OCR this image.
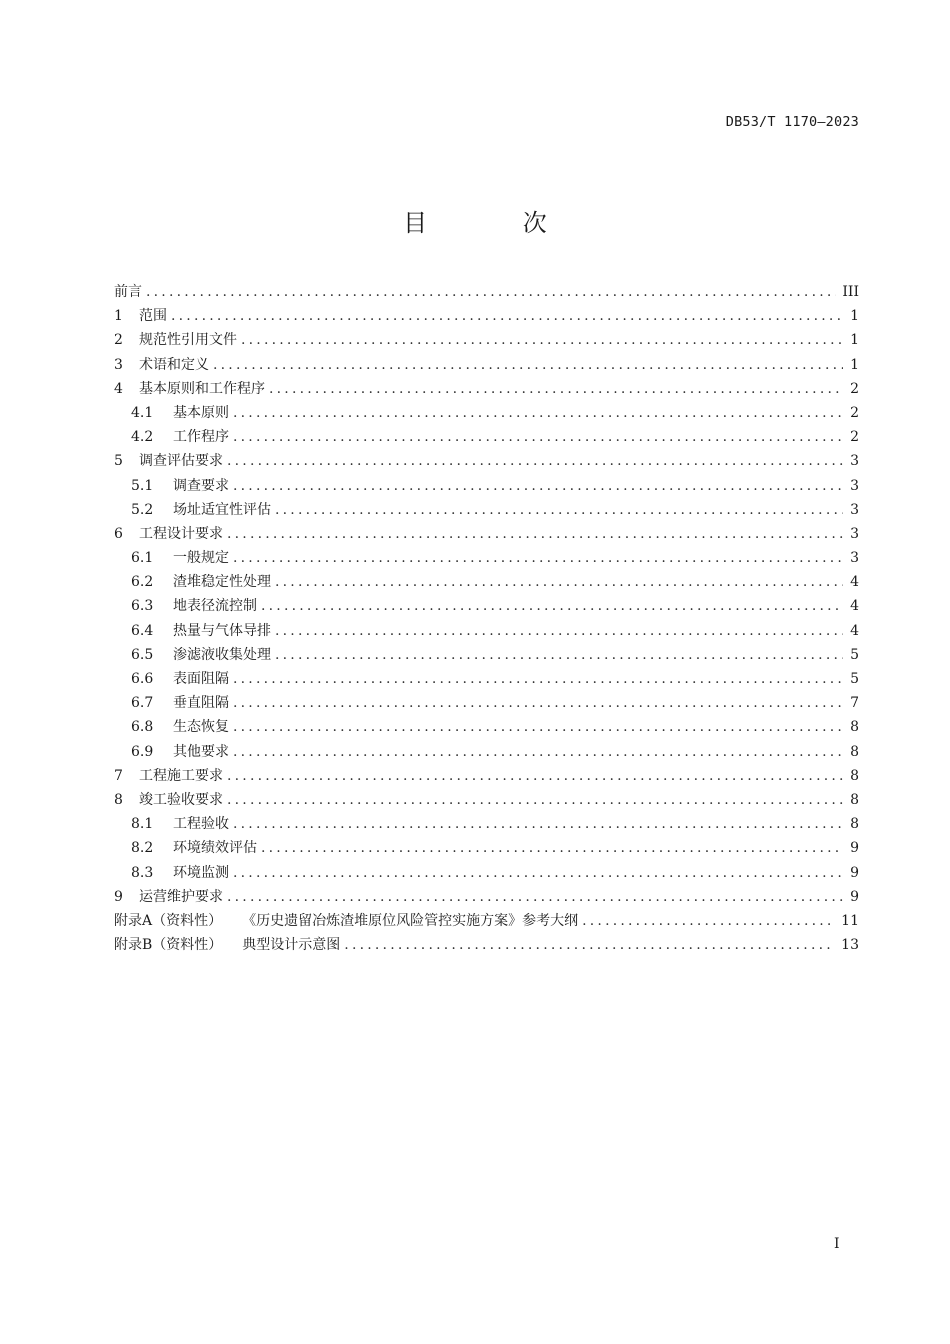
DB53/T 1170—2023
目 次
前言 .....	III
1	范围 .....	1
2	规范性引用文件 .....	1
3	术语和定义 .....	1
4	基本原则和工作程序 .....	2
4.1	基本原则 .....	2
4.2	工作程序 .....	2
5	调查评估要求 .....	3
5.1	调查要求 .....	3
5.2	场址适宜性评估 .....	3
6	工程设计要求 .....	3
6.1	一般规定 .....	3
6.2	渣堆稳定性处理 .....	4
6.3	地表径流控制 .....	4
6.4	热量与气体导排 .....	4
6.5	渗滤液收集处理 .....	5
6.6	表面阻隔 .....	5
6.7	垂直阻隔 .....	7
6.8	生态恢复 .....	8
6.9	其他要求 .....	8
7	工程施工要求 .....	8
8	竣工验收要求 .....	8
8.1	工程验收 .....	8
8.2	环境绩效评估 .....	9
8.3	环境监测 .....	9
9	运营维护要求 .....	9
附录A（资料性） 《历史遗留冶炼渣堆原位风险管控实施方案》参考大纲 .....	11
附录B（资料性） 典型设计示意图 .....	13
I
